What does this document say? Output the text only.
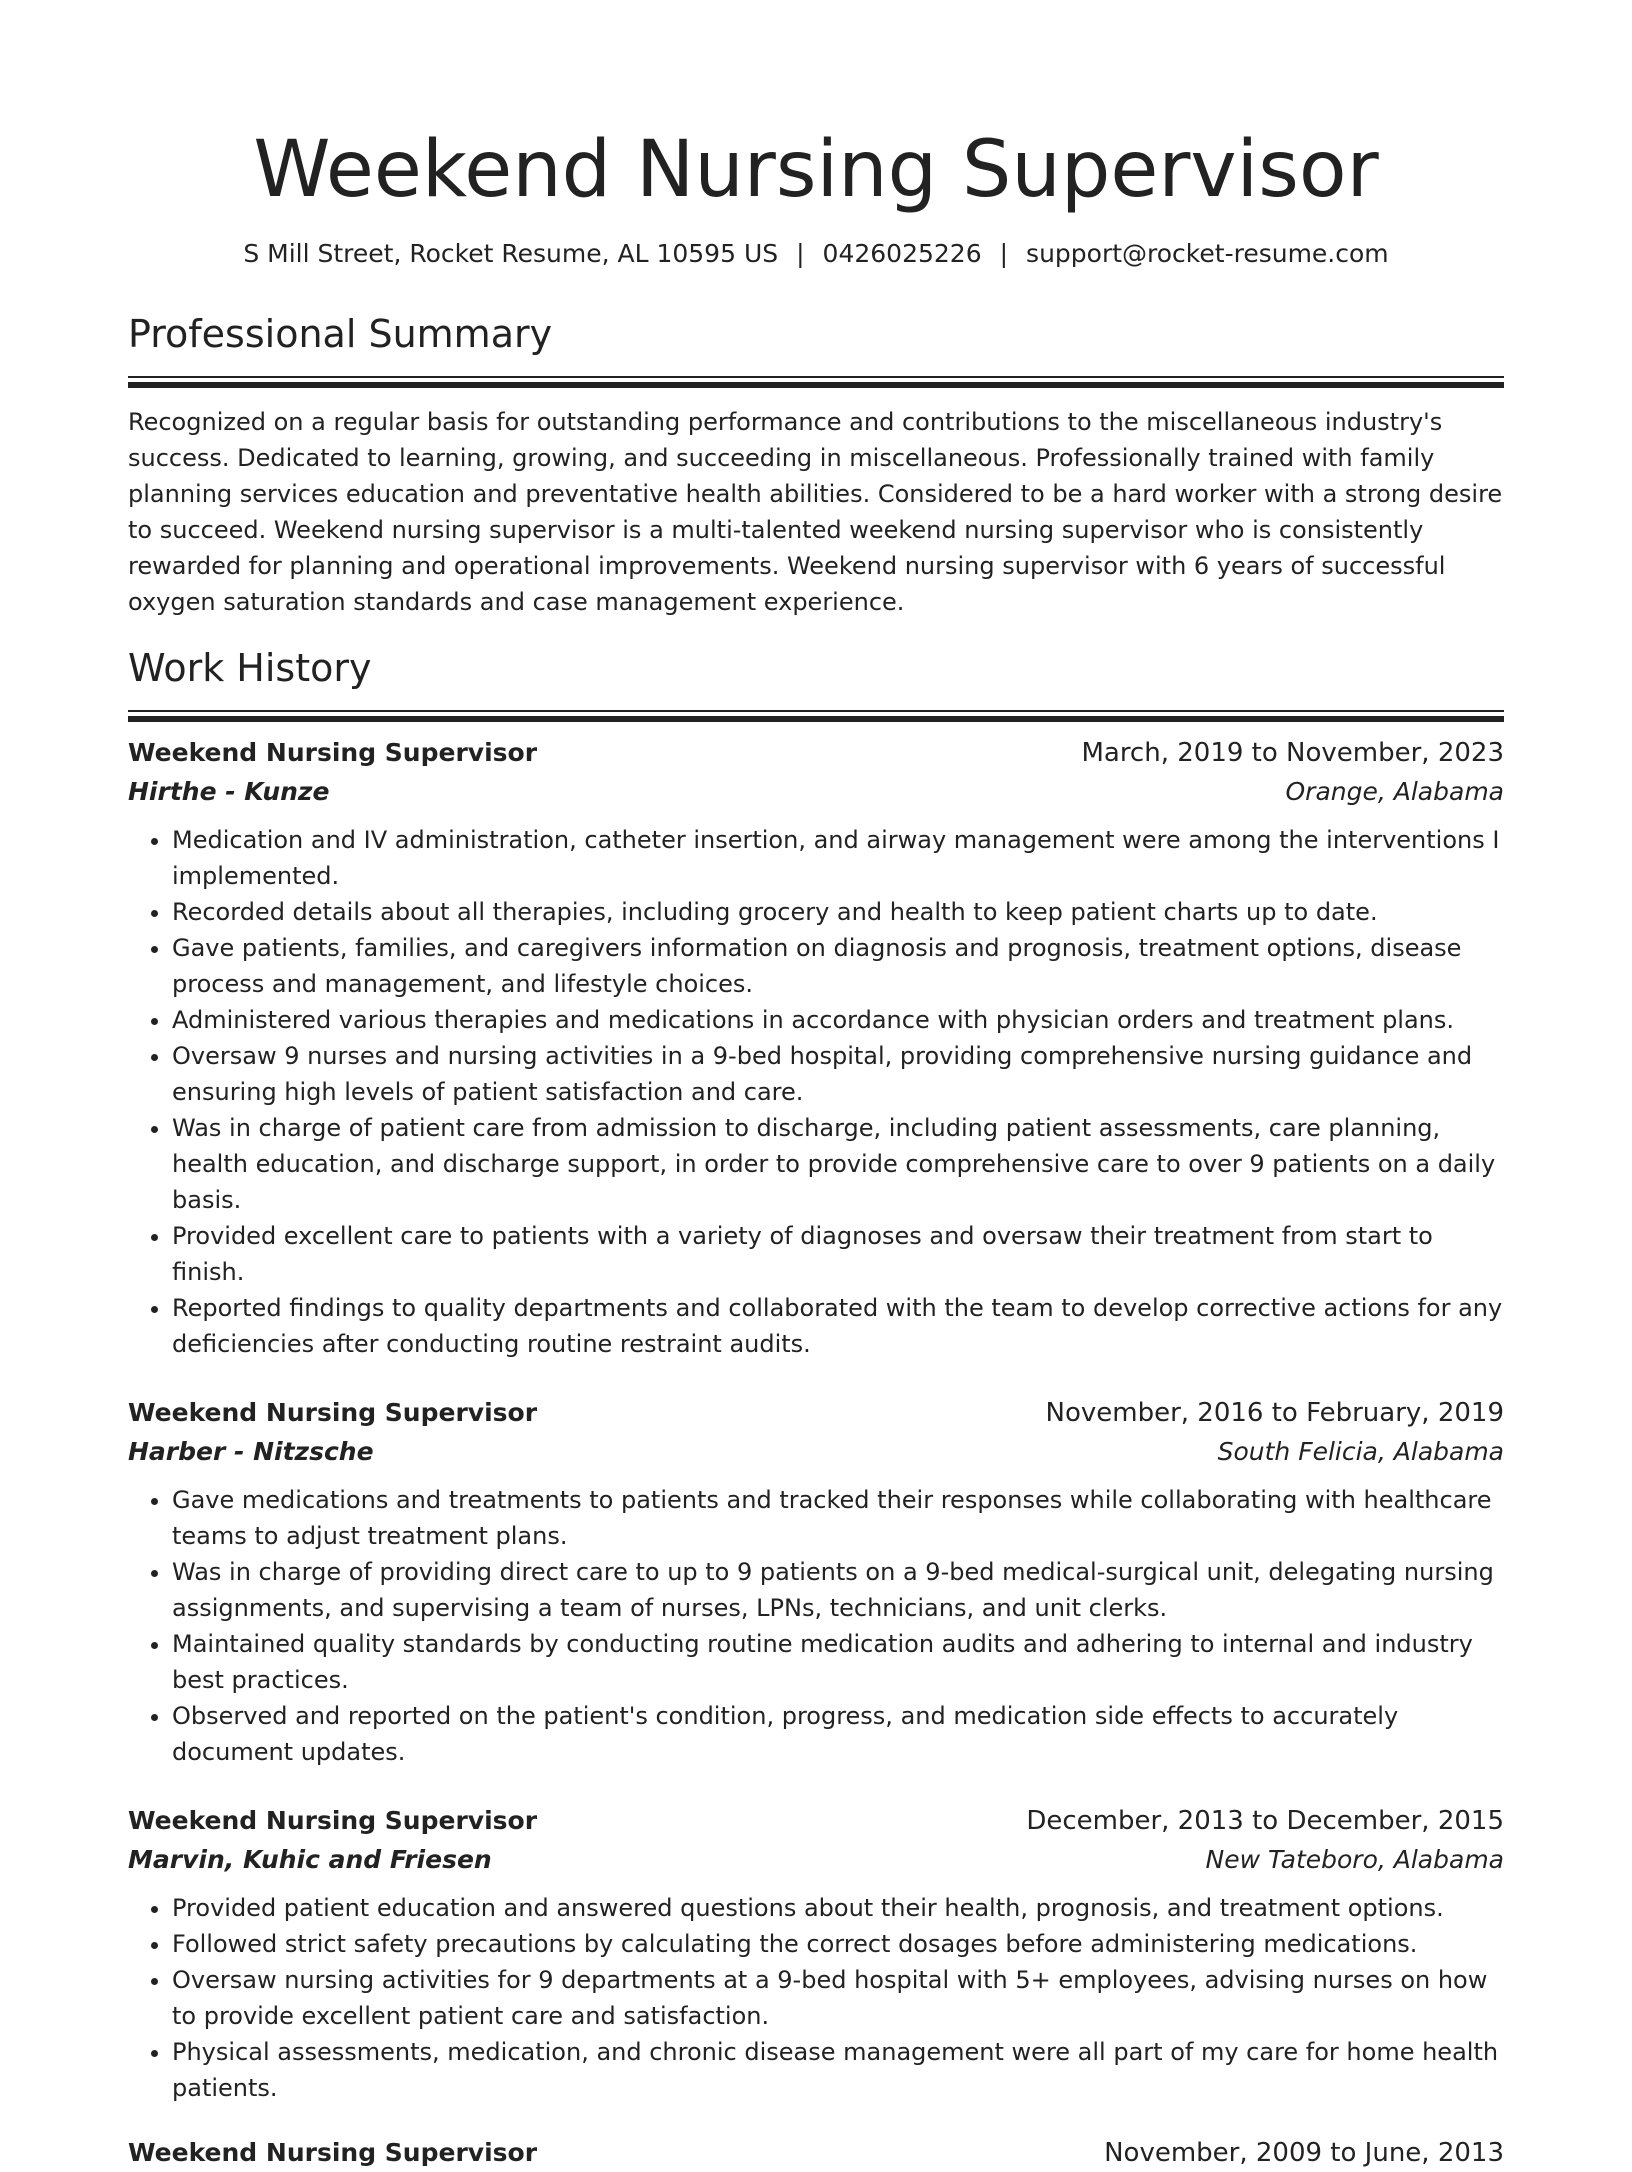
Weekend Nursing Supervisor
S Mill Street, Rocket Resume, AL 10595 US | 0426025226 | support@rocket-resume.com
Professional Summary
Recognized on a regular basis for outstanding performance and contributions to the miscellaneous industry's success. Dedicated to learning, growing, and succeeding in miscellaneous. Professionally trained with family planning services education and preventative health abilities. Considered to be a hard worker with a strong desire to succeed. Weekend nursing supervisor is a multi-talented weekend nursing supervisor who is consistently rewarded for planning and operational improvements. Weekend nursing supervisor with 6 years of successful oxygen saturation standards and case management experience.
Work History
Weekend Nursing Supervisor	March, 2019 to November, 2023
Hirthe - Kunze	Orange, Alabama
• Medication and IV administration, catheter insertion, and airway management were among the interventions I implemented.
• Recorded details about all therapies, including grocery and health to keep patient charts up to date.
• Gave patients, families, and caregivers information on diagnosis and prognosis, treatment options, disease process and management, and lifestyle choices.
• Administered various therapies and medications in accordance with physician orders and treatment plans.
• Oversaw 9 nurses and nursing activities in a 9-bed hospital, providing comprehensive nursing guidance and ensuring high levels of patient satisfaction and care.
• Was in charge of patient care from admission to discharge, including patient assessments, care planning, health education, and discharge support, in order to provide comprehensive care to over 9 patients on a daily basis.
• Provided excellent care to patients with a variety of diagnoses and oversaw their treatment from start to finish.
• Reported findings to quality departments and collaborated with the team to develop corrective actions for any deficiencies after conducting routine restraint audits.
Weekend Nursing Supervisor	November, 2016 to February, 2019
Harber - Nitzsche	South Felicia, Alabama
• Gave medications and treatments to patients and tracked their responses while collaborating with healthcare teams to adjust treatment plans.
• Was in charge of providing direct care to up to 9 patients on a 9-bed medical-surgical unit, delegating nursing assignments, and supervising a team of nurses, LPNs, technicians, and unit clerks.
• Maintained quality standards by conducting routine medication audits and adhering to internal and industry best practices.
• Observed and reported on the patient's condition, progress, and medication side effects to accurately document updates.
Weekend Nursing Supervisor	December, 2013 to December, 2015
Marvin, Kuhic and Friesen	New Tateboro, Alabama
• Provided patient education and answered questions about their health, prognosis, and treatment options.
• Followed strict safety precautions by calculating the correct dosages before administering medications.
• Oversaw nursing activities for 9 departments at a 9-bed hospital with 5+ employees, advising nurses on how to provide excellent patient care and satisfaction.
• Physical assessments, medication, and chronic disease management were all part of my care for home health patients.
Weekend Nursing Supervisor	November, 2009 to June, 2013
